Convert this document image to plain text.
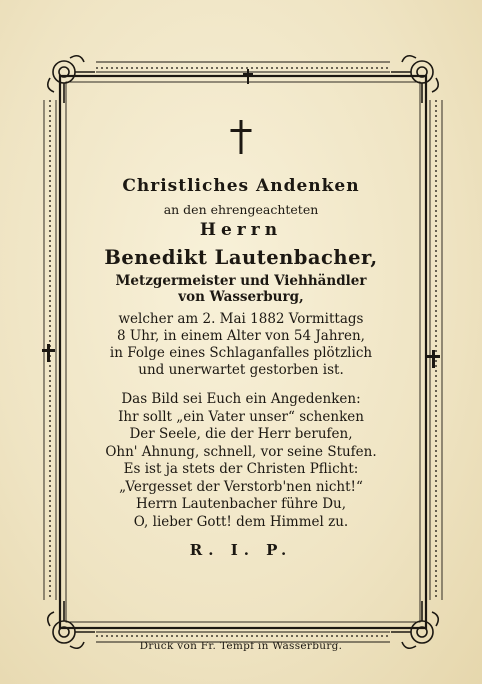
Christliches Andenken
an den ehrengeachteten
Herrn
Benedikt Lautenbacher,
Metzgermeister und Viehhändler
von Wasserburg,
welcher am 2. Mai 1882 Vormittags
8 Uhr, in einem Alter von 54 Jahren,
in Folge eines Schlaganfalles plötzlich
und unerwartet gestorben ist.
Das Bild sei Euch ein Angedenken:
Ihr sollt „ein Vater unser“ schenken
Der Seele, die der Herr berufen,
Ohn' Ahnung, schnell, vor seine Stufen.
Es ist ja stets der Christen Pflicht:
„Vergesset der Verstorb'nen nicht!“
Herrn Lautenbacher führe Du,
O, lieber Gott! dem Himmel zu.
R. I. P.
Druck von Fr. Tempf in Wasserburg.
